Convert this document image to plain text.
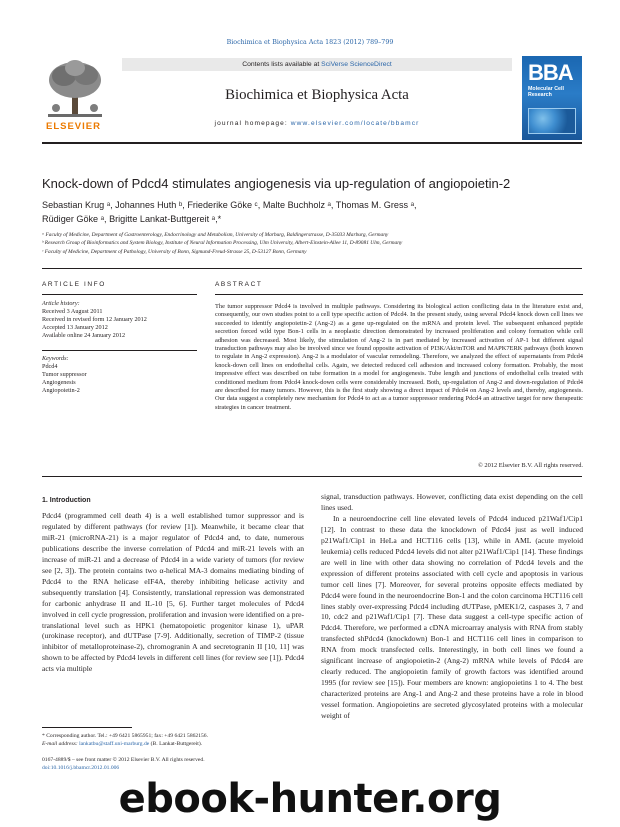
Biochimica et Biophysica Acta 1823 (2012) 789–799
ELSEVIER
Contents lists available at SciVerse ScienceDirect
Biochimica et Biophysica Acta
journal homepage: www.elsevier.com/locate/bbamcr
BBA
Molecular Cell Research
Knock-down of Pdcd4 stimulates angiogenesis via up-regulation of angiopoietin-2
Sebastian Krug ᵃ, Johannes Huth ᵇ, Friederike Göke ᶜ, Malte Buchholz ᵃ, Thomas M. Gress ᵃ,
Rüdiger Göke ᵃ, Brigitte Lankat-Buttgereit ᵃ,*
ᵃ Faculty of Medicine, Department of Gastroenterology, Endocrinology and Metabolism, University of Marburg, Baldingerstrasse, D-35033 Marburg, Germany
ᵇ Research Group of Bioinformatics and System Biology, Institute of Neural Information Processing, Ulm University, Albert-Einstein-Allee 11, D-89081 Ulm, Germany
ᶜ Faculty of Medicine, Department of Pathology, University of Bonn, Sigmund-Freud-Strasse 25, D-53127 Bonn, Germany
ARTICLE INFO	ABSTRACT
Article history:
Received 3 August 2011
Received in revised form 12 January 2012
Accepted 13 January 2012
Available online 24 January 2012
Keywords:
Pdcd4
Tumor suppressor
Angiogenesis
Angiopoietin-2
The tumor suppressor Pdcd4 is involved in multiple pathways. Considering its biological action conflicting data in the literature exist and, consequently, our own studies point to a cell type specific action of Pdcd4. In the present study, using several Pdcd4 knock down cell lines we succeeded to identify angiopoietin-2 (Ang-2) as a gene up-regulated on the mRNA and protein level. The subsequent enhanced peptide secretion forced wild type Bon-1 cells in a neoplastic direction demonstrated by increased proliferation and colony formation while cell adhesion was decreased. Most likely, the stimulation of Ang-2 is in part mediated by increased activation of AP-1 but different signal transduction pathways may also be involved since we found opposite activation of PI3K/Akt/mTOR and MAPK7ERK pathways (both known to regulate in Ang-2 expression). Ang-2 is a modulator of vascular remodeling. Therefore, we analyzed the effect of supernatants from Pdcd4 knock-down cell lines on endothelial cells. Again, we detected reduced cell adhesion and increased colony formation. Probably, the most impressive effect was described on tube formation in a model for angiogenesis. Tube length and junctions of endothelial cells treated with conditioned medium from Pdcd4 knock-down cells were considerably increased. Both, up-regulation of Ang-2 and down-regulation of Pdcd4 are described for many tumors. However, this is the first study showing a direct impact of Pdcd4 on Ang-2 levels and, thereby, angiogenesis. Our data suggest a completely new mechanism for Pdcd4 to act as a tumor suppressor rendering Pdcd4 an attractive target for new therapeutic strategies in cancer treatment.
© 2012 Elsevier B.V. All rights reserved.
1. Introduction
Pdcd4 (programmed cell death 4) is a well established tumor suppressor and is regulated by different pathways (for review [1]). Meanwhile, it became clear that miR-21 (microRNA-21) is a major regulator of Pdcd4 and, to date, numerous publications describe the inverse correlation of Pdcd4 and miR-21 levels with an increase of miR-21 and a decrease of Pdcd4 in a wide variety of tumors (for review see [2, 3]). The protein contains two α-helical MA-3 domains mediating binding of Pdcd4 to the RNA helicase eIF4A, thereby inhibiting helicase activity and subsequently translation [4]. Consistently, translational repression was demonstrated for carbonic anhydrase II and IL-10 [5, 6]. Further target molecules of Pdcd4 involved in cell cycle progression, proliferation and invasion were identified on a pre-translational level such as HPK1 (hematopoietic progenitor kinase 1), uPAR (urokinase receptor), and dUTPase [7-9]. Additionally, secretion of TIMP-2 (tissue inhibitor of metalloproteinase-2), chromogranin A and secretogranin II [10, 11] was shown to be affected by Pdcd4 levels in different cell lines (for review see [1]). Pdcd4 acts via multiple
signal, transduction pathways. However, conflicting data exist depending on the cell lines used.
In a neuroendocrine cell line elevated levels of Pdcd4 induced p21Waf1/Cip1 [12]. In contrast to these data the knockdown of Pdcd4 just as well induced p21Waf1/Cip1 in HeLa and HCT116 cells [13], while in AML (acute myeloid leukemia) cells reduced Pdcd4 levels did not alter p21Waf1/Cip1 [14]. These findings are well in line with other data showing no correlation of Pdcd4 levels and the expression of different proteins associated with cell cycle and apoptosis in various tumor cell lines [7]. Moreover, for several proteins opposite effects mediated by Pdcd4 were found in the neuroendocrine Bon-1 and the colon carcinoma HCT116 cell lines stably over-expressing Pdcd4 including dUTPase, pMEK1/2, caspases 3, 7 and 10, cdc2 and p21Waf1/Cip1 [7]. These data suggest a cell-type specific action of Pdcd4. Therefore, we performed a cDNA microarray analysis with RNA from stably transfected shPdcd4 (knockdown) Bon-1 and HCT116 cell lines in comparison to RNA from mock transfected cells. Interestingly, in both cell lines we found a significant increase of angiopoietin-2 (Ang-2) mRNA while levels of Pdcd4 are clearly reduced. The angiopoietin family of growth factors was identified around 1995 (for review see [15]). Four members are known: angiopoietins 1 to 4. The best characterized proteins are Ang-1 and Ang-2 and these proteins have a role in blood vessel formation. Angiopoietins are secreted glycosylated proteins with a molecular weight of
* Corresponding author. Tel.: +49 6421 5865951; fax: +49 6421 5862156.
E-mail address: lankatbu@staff.uni-marburg.de (B. Lankat-Buttgereit).
0167-4889/$ – see front matter © 2012 Elsevier B.V. All rights reserved.
doi:10.1016/j.bbamcr.2012.01.006
ebook-hunter.org
